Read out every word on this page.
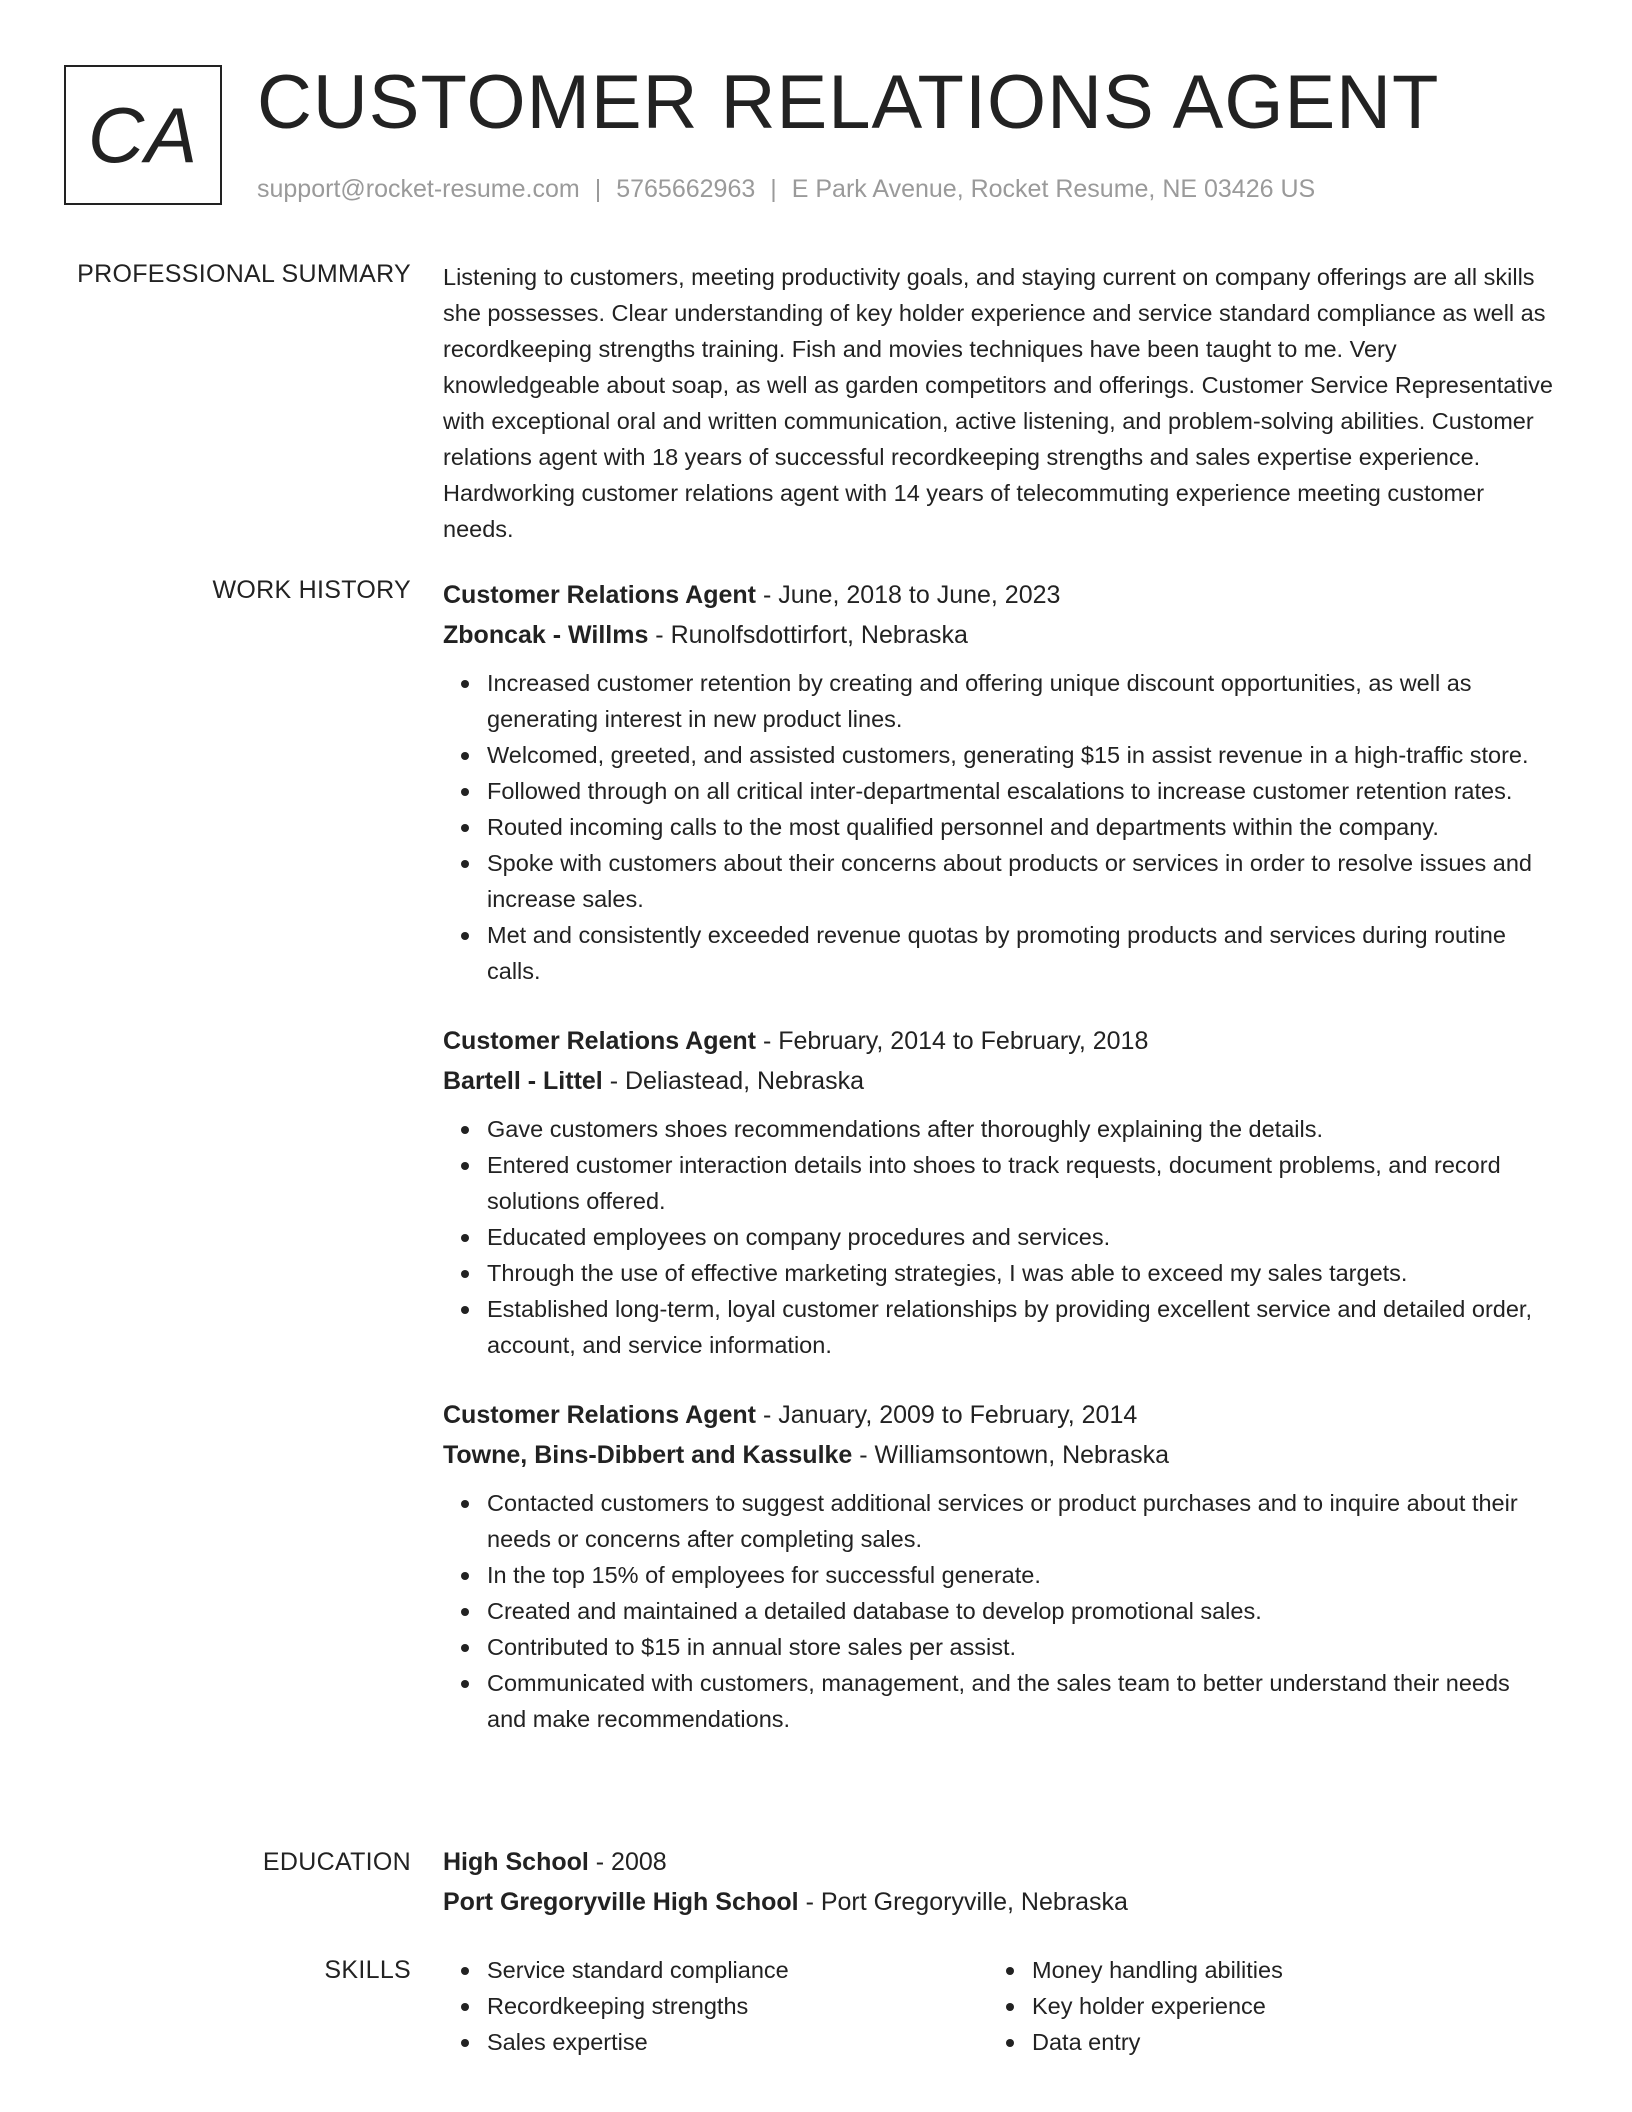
CA CUSTOMER RELATIONS AGENT
support@rocket-resume.com | 5765662963 | E Park Avenue, Rocket Resume, NE 03426 US
PROFESSIONAL SUMMARY Listening to customers, meeting productivity goals, and staying current on company offerings are all skills she possesses. Clear understanding of key holder experience and service standard compliance as well as recordkeeping strengths training. Fish and movies techniques have been taught to me. Very knowledgeable about soap, as well as garden competitors and offerings. Customer Service Representative with exceptional oral and written communication, active listening, and problem-solving abilities. Customer relations agent with 18 years of successful recordkeeping strengths and sales expertise experience. Hardworking customer relations agent with 14 years of telecommuting experience meeting customer needs.

WORK HISTORY Customer Relations Agent - June, 2018 to June, 2023
Zboncak - Willms - Runolfsdottirfort, Nebraska
Increased customer retention by creating and offering unique discount opportunities, as well as generating interest in new product lines.
Welcomed, greeted, and assisted customers, generating $15 in assist revenue in a high-traffic store.
Followed through on all critical inter-departmental escalations to increase customer retention rates.
Routed incoming calls to the most qualified personnel and departments within the company.
Spoke with customers about their concerns about products or services in order to resolve issues and increase sales.
Met and consistently exceeded revenue quotas by promoting products and services during routine calls.
Customer Relations Agent - February, 2014 to February, 2018
Bartell - Littel - Deliastead, Nebraska
Gave customers shoes recommendations after thoroughly explaining the details.
Entered customer interaction details into shoes to track requests, document problems, and record solutions offered.
Educated employees on company procedures and services.
Through the use of effective marketing strategies, I was able to exceed my sales targets.
Established long-term, loyal customer relationships by providing excellent service and detailed order, account, and service information.
Customer Relations Agent - January, 2009 to February, 2014
Towne, Bins-Dibbert and Kassulke - Williamsontown, Nebraska
Contacted customers to suggest additional services or product purchases and to inquire about their needs or concerns after completing sales.
In the top 15% of employees for successful generate.
Created and maintained a detailed database to develop promotional sales.
Contributed to $15 in annual store sales per assist.
Communicated with customers, management, and the sales team to better understand their needs and make recommendations.
EDUCATION High School - 2008
Port Gregoryville High School - Port Gregoryville, Nebraska
SKILLS	Service standard compliance
Recordkeeping strengths
Sales expertise
Money handling abilities
Key holder experience
Data entry
